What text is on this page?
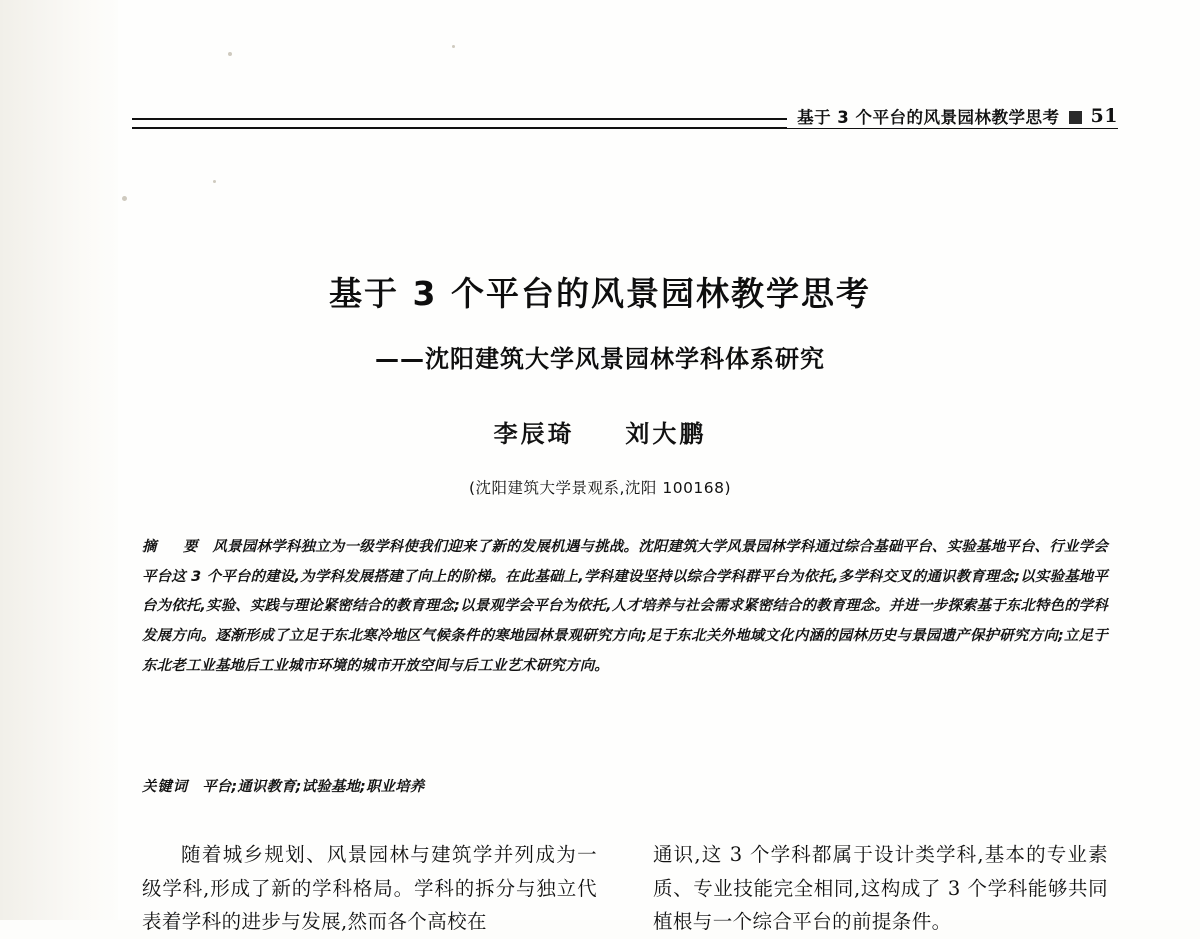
基于 3 个平台的风景园林教学思考 51
基于 3 个平台的风景园林教学思考
——沈阳建筑大学风景园林学科体系研究
李辰琦 刘大鹏
(沈阳建筑大学景观系,沈阳 100168)
摘　要 风景园林学科独立为一级学科使我们迎来了新的发展机遇与挑战。沈阳建筑大学风景园林学科通过综合基础平台、实验基地平台、行业学会平台这 3 个平台的建设,为学科发展搭建了向上的阶梯。在此基础上,学科建设坚持以综合学科群平台为依托,多学科交叉的通识教育理念;以实验基地平台为依托,实验、实践与理论紧密结合的教育理念;以景观学会平台为依托,人才培养与社会需求紧密结合的教育理念。并进一步探索基于东北特色的学科发展方向。逐渐形成了立足于东北寒冷地区气候条件的寒地园林景观研究方向;足于东北关外地域文化内涵的园林历史与景园遗产保护研究方向;立足于东北老工业基地后工业城市环境的城市开放空间与后工业艺术研究方向。
关键词 平台;通识教育;试验基地;职业培养

随着城乡规划、风景园林与建筑学并列成为一级学科,形成了新的学科格局。学科的拆分与独立代表着学科的进步与发展,然而各个高校在

通识,这 3 个学科都属于设计类学科,基本的专业素质、专业技能完全相同,这构成了 3 个学科能够共同植根与一个综合平台的前提条件。
